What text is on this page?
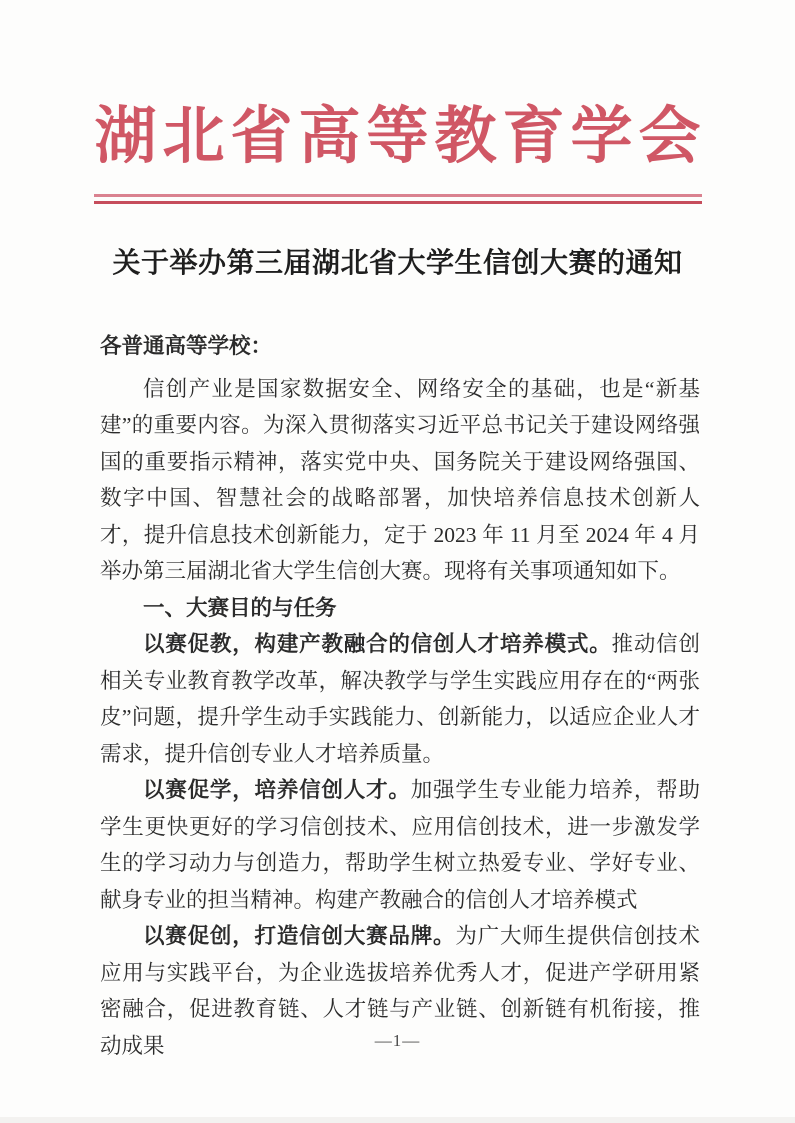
湖北省高等教育学会
关于举办第三届湖北省大学生信创大赛的通知

各普通高等学校：

信创产业是国家数据安全、网络安全的基础，也是“新基建”的重要内容。为深入贯彻落实习近平总书记关于建设网络强国的重要指示精神，落实党中央、国务院关于建设网络强国、数字中国、智慧社会的战略部署，加快培养信息技术创新人才，提升信息技术创新能力，定于 2023 年 11 月至 2024 年 4 月举办第三届湖北省大学生信创大赛。现将有关事项通知如下。

一、大赛目的与任务

以赛促教，构建产教融合的信创人才培养模式。推动信创相关专业教育教学改革，解决教学与学生实践应用存在的“两张皮”问题，提升学生动手实践能力、创新能力，以适应企业人才需求，提升信创专业人才培养质量。

以赛促学，培养信创人才。加强学生专业能力培养，帮助学生更快更好的学习信创技术、应用信创技术，进一步激发学生的学习动力与创造力，帮助学生树立热爱专业、学好专业、献身专业的担当精神。构建产教融合的信创人才培养模式

以赛促创，打造信创大赛品牌。为广大师生提供信创技术应用与实践平台，为企业选拔培养优秀人才，促进产学研用紧密融合，促进教育链、人才链与产业链、创新链有机衔接，推动成果	—1—
